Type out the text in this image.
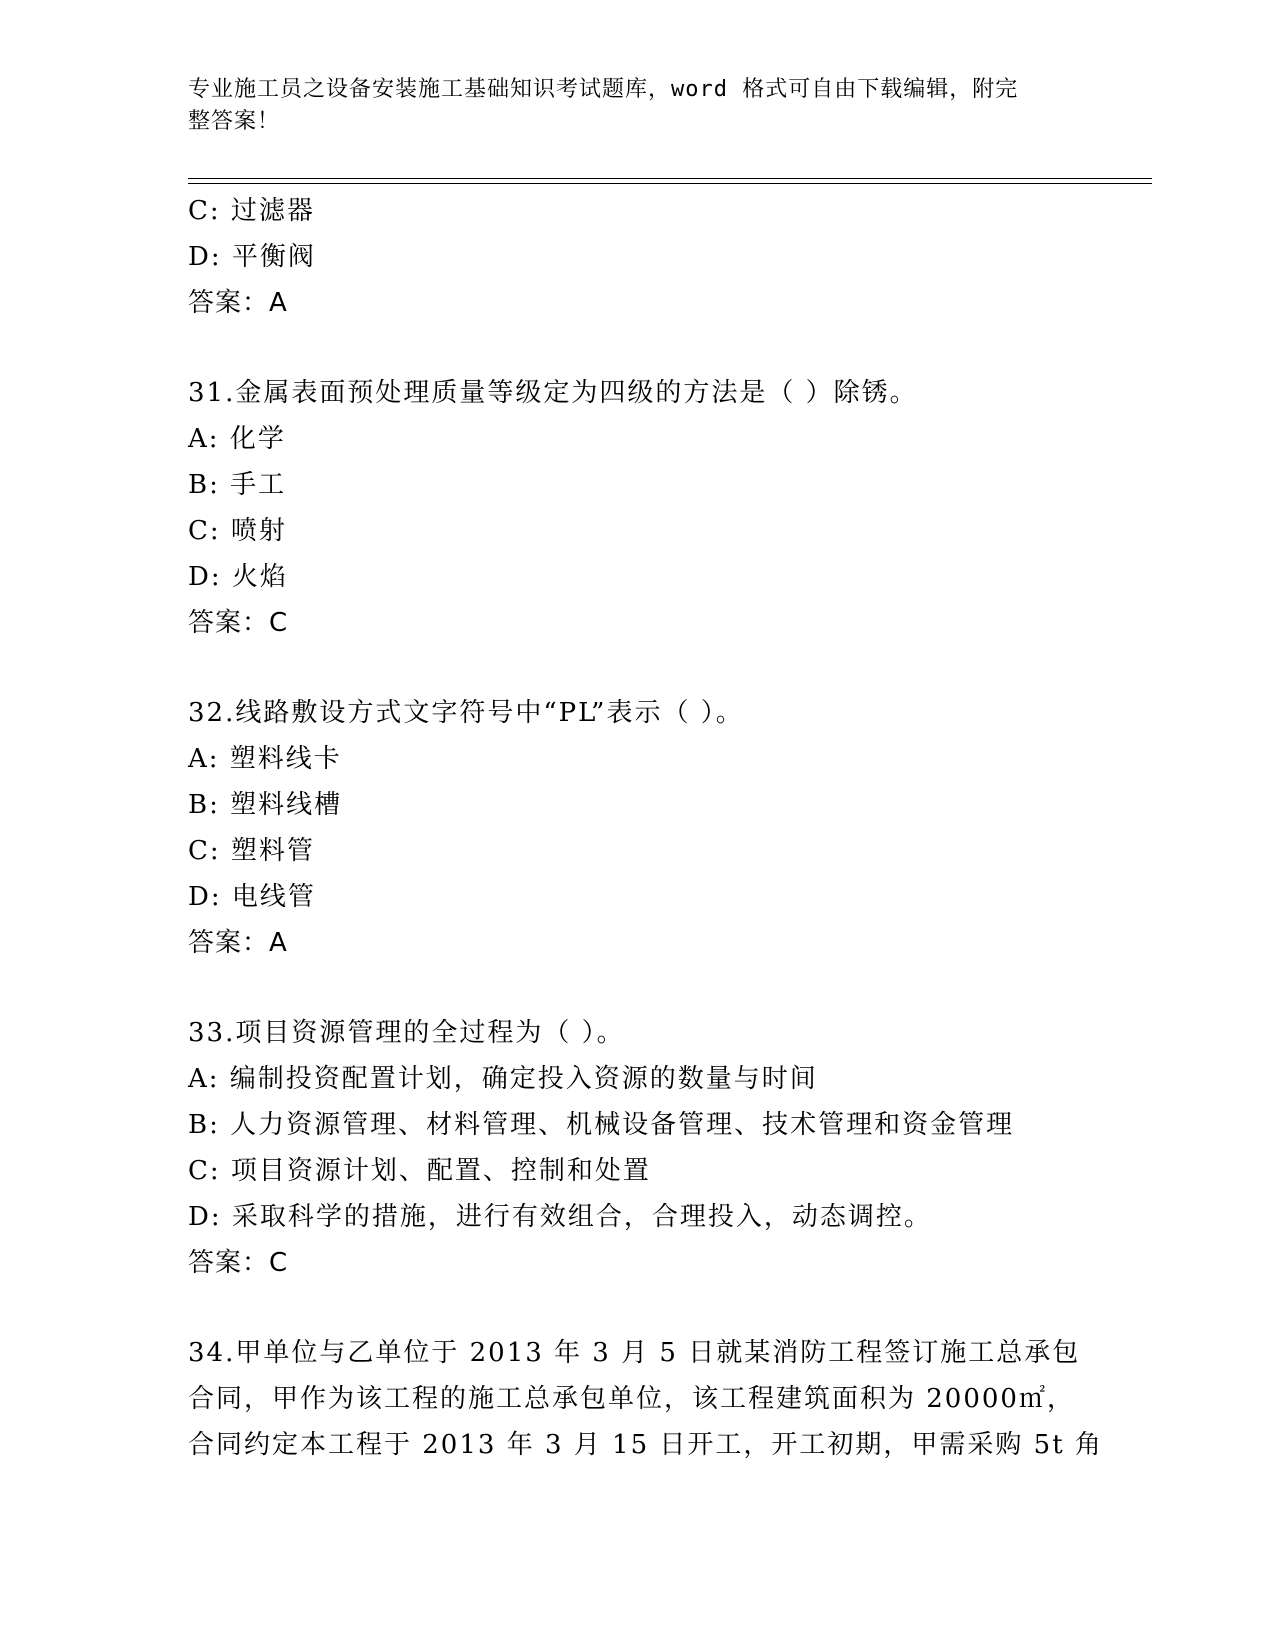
专业施工员之设备安装施工基础知识考试题库，word 格式可自由下载编辑，附完
整答案！
C: 过滤器
D: 平衡阀
答案：A
31.金属表面预处理质量等级定为四级的方法是（ ）除锈。
A: 化学
B: 手工
C: 喷射
D: 火焰
答案：C
32.线路敷设方式文字符号中“PL”表示（ ）。
A: 塑料线卡
B: 塑料线槽
C: 塑料管
D: 电线管
答案：A
33.项目资源管理的全过程为（ ）。
A: 编制投资配置计划，确定投入资源的数量与时间
B: 人力资源管理、材料管理、机械设备管理、技术管理和资金管理
C: 项目资源计划、配置、控制和处置
D: 采取科学的措施，进行有效组合，合理投入，动态调控。
答案：C
34.甲单位与乙单位于 2013 年 3 月 5 日就某消防工程签订施工总承包
合同，甲作为该工程的施工总承包单位，该工程建筑面积为 20000㎡，
合同约定本工程于 2013 年 3 月 15 日开工，开工初期，甲需采购 5t 角
